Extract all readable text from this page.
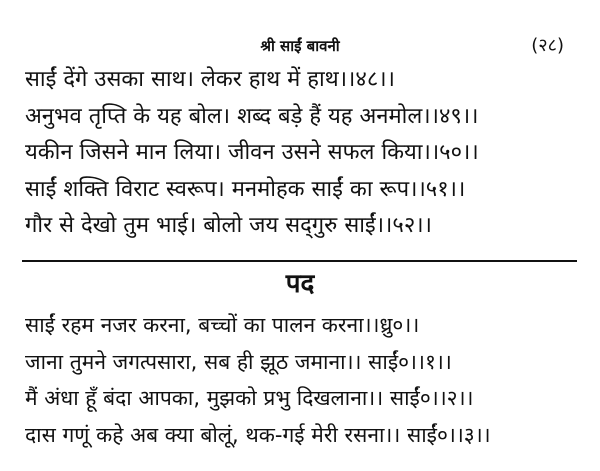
श्री साईं बावनी	(२८)
साईं देंगे उसका साथ। लेकर हाथ में हाथ।।४८।।
अनुभव तृप्ति के यह बोल। शब्द बड़े हैं यह अनमोल।।४९।।
यकीन जिसने मान लिया। जीवन उसने सफल किया।।५०।।
साईं शक्ति विराट स्वरूप। मनमोहक साईं का रूप।।५१।।
गौर से देखो तुम भाई। बोलो जय सद्‌गुरु साईं।।५२।।
पद
साईं रहम नजर करना, बच्चों का पालन करना।।ध्रु०।।
जाना तुमने जगत्पसारा, सब ही झूठ जमाना।। साईं०।।१।।
मैं अंधा हूँ बंदा आपका, मुझको प्रभु दिखलाना।। साईं०।।२।।
दास गणूं कहे अब क्या बोलूं, थक-गई मेरी रसना।। साईं०।।३।।
